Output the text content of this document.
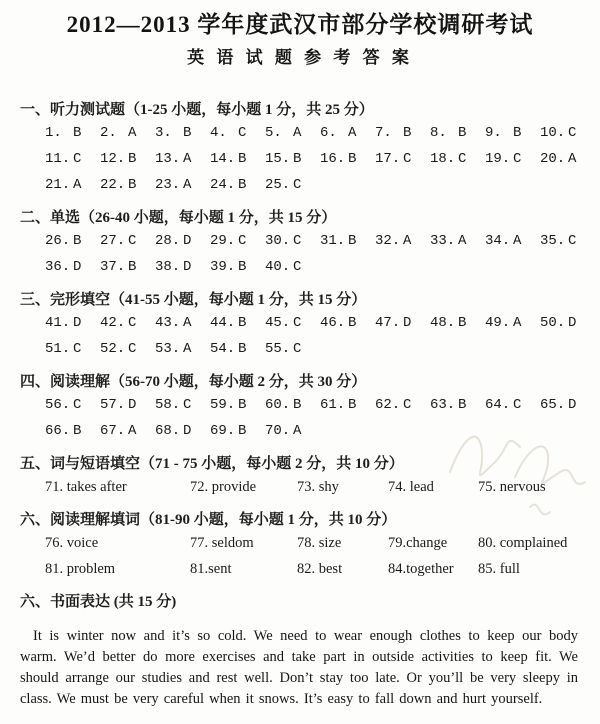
2012—2013 学年度武汉市部分学校调研考试
英 语 试 题 参 考 答 案
一、听力测试题（1-25 小题，每小题 1 分，共 25 分）
1. B 2. A 3. B 4. C 5. A 6. A 7. B 8. B 9. B 10. C
11. C 12. B 13. A 14. B 15. B 16. B 17. C 18. C 19. C 20. A
21. A 22. B 23. A 24. B 25. C
二、单选（26-40 小题，每小题 1 分，共 15 分）
26. B 27. C 28. D 29. C 30. C 31. B 32. A 33. A 34. A 35. C
36. D 37. B 38. D 39. B 40. C
三、完形填空（41-55 小题，每小题 1 分，共 15 分）
41. D 42. C 43. A 44. B 45. C 46. B 47. D 48. B 49. A 50. D
51. C 52. C 53. A 54. B 55. C
四、阅读理解（56-70 小题，每小题 2 分，共 30 分）
56. C 57. D 58. C 59. B 60. B 61. B 62. C 63. B 64. C 65. D
66. B 67. A 68. D 69. B 70. A
五、词与短语填空（71 - 75 小题，每小题 2 分，共 10 分）
71. takes after	72. provide	73. shy	74. lead	75. nervous
六、阅读理解填词（81-90 小题，每小题 1 分，共 10 分）
76. voice	77. seldom	78. size	79.change	80. complained
81. problem	81.sent	82. best	84.together	85. full
六、书面表达 (共 15 分)

It is winter now and it’s so cold. We need to wear enough clothes to keep our body warm. We’d better do more exercises and take part in outside activities to keep fit. We should arrange our studies and rest well. Don’t stay too late. Or you’ll be very sleepy in class. We must be very careful when it snows. It’s easy to fall down and hurt yourself.
